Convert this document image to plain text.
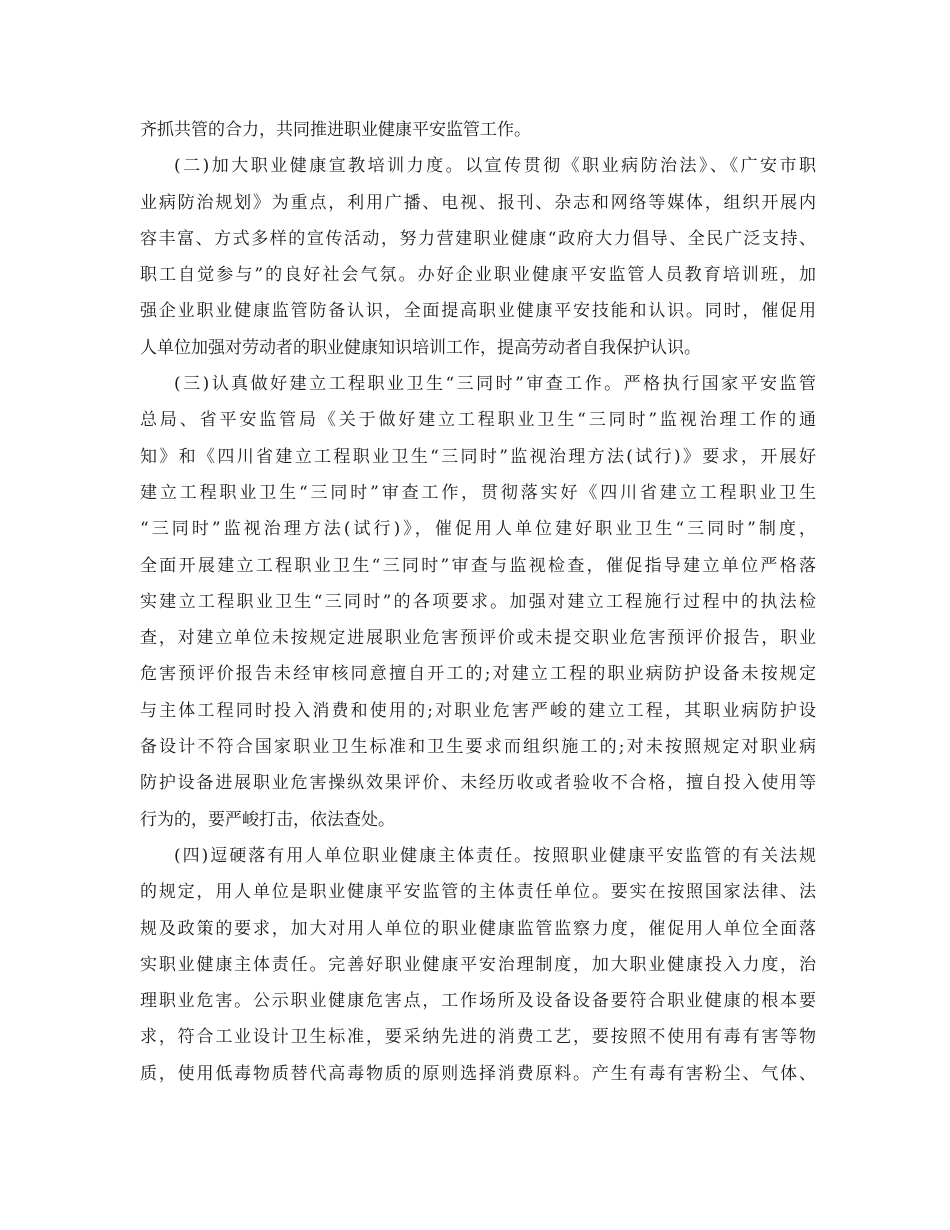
齐抓共管的合力，共同推进职业健康平安监管工作。
(二)加大职业健康宣教培训力度。以宣传贯彻《职业病防治法》、《广安市职
业病防治规划》为重点，利用广播、电视、报刊、杂志和网络等媒体，组织开展内
容丰富、方式多样的宣传活动，努力营建职业健康“政府大力倡导、全民广泛支持、
职工自觉参与”的良好社会气氛。办好企业职业健康平安监管人员教育培训班，加
强企业职业健康监管防备认识，全面提高职业健康平安技能和认识。同时，催促用
人单位加强对劳动者的职业健康知识培训工作，提高劳动者自我保护认识。
(三)认真做好建立工程职业卫生“三同时”审查工作。严格执行国家平安监管
总局、省平安监管局《关于做好建立工程职业卫生“三同时”监视治理工作的通
知》和《四川省建立工程职业卫生“三同时”监视治理方法(试行)》要求，开展好
建立工程职业卫生“三同时”审查工作，贯彻落实好《四川省建立工程职业卫生
“三同时”监视治理方法(试行)》，催促用人单位建好职业卫生“三同时”制度，
全面开展建立工程职业卫生“三同时”审查与监视检查，催促指导建立单位严格落
实建立工程职业卫生“三同时”的各项要求。加强对建立工程施行过程中的执法检
查，对建立单位未按规定进展职业危害预评价或未提交职业危害预评价报告，职业
危害预评价报告未经审核同意擅自开工的;对建立工程的职业病防护设备未按规定
与主体工程同时投入消费和使用的;对职业危害严峻的建立工程，其职业病防护设
备设计不符合国家职业卫生标准和卫生要求而组织施工的;对未按照规定对职业病
防护设备进展职业危害操纵效果评价、未经历收或者验收不合格，擅自投入使用等
行为的，要严峻打击，依法查处。
(四)逗硬落有用人单位职业健康主体责任。按照职业健康平安监管的有关法规
的规定，用人单位是职业健康平安监管的主体责任单位。要实在按照国家法律、法
规及政策的要求，加大对用人单位的职业健康监管监察力度，催促用人单位全面落
实职业健康主体责任。完善好职业健康平安治理制度，加大职业健康投入力度，治
理职业危害。公示职业健康危害点，工作场所及设备设备要符合职业健康的根本要
求，符合工业设计卫生标准，要采纳先进的消费工艺，要按照不使用有毒有害等物
质，使用低毒物质替代高毒物质的原则选择消费原料。产生有毒有害粉尘、气体、
